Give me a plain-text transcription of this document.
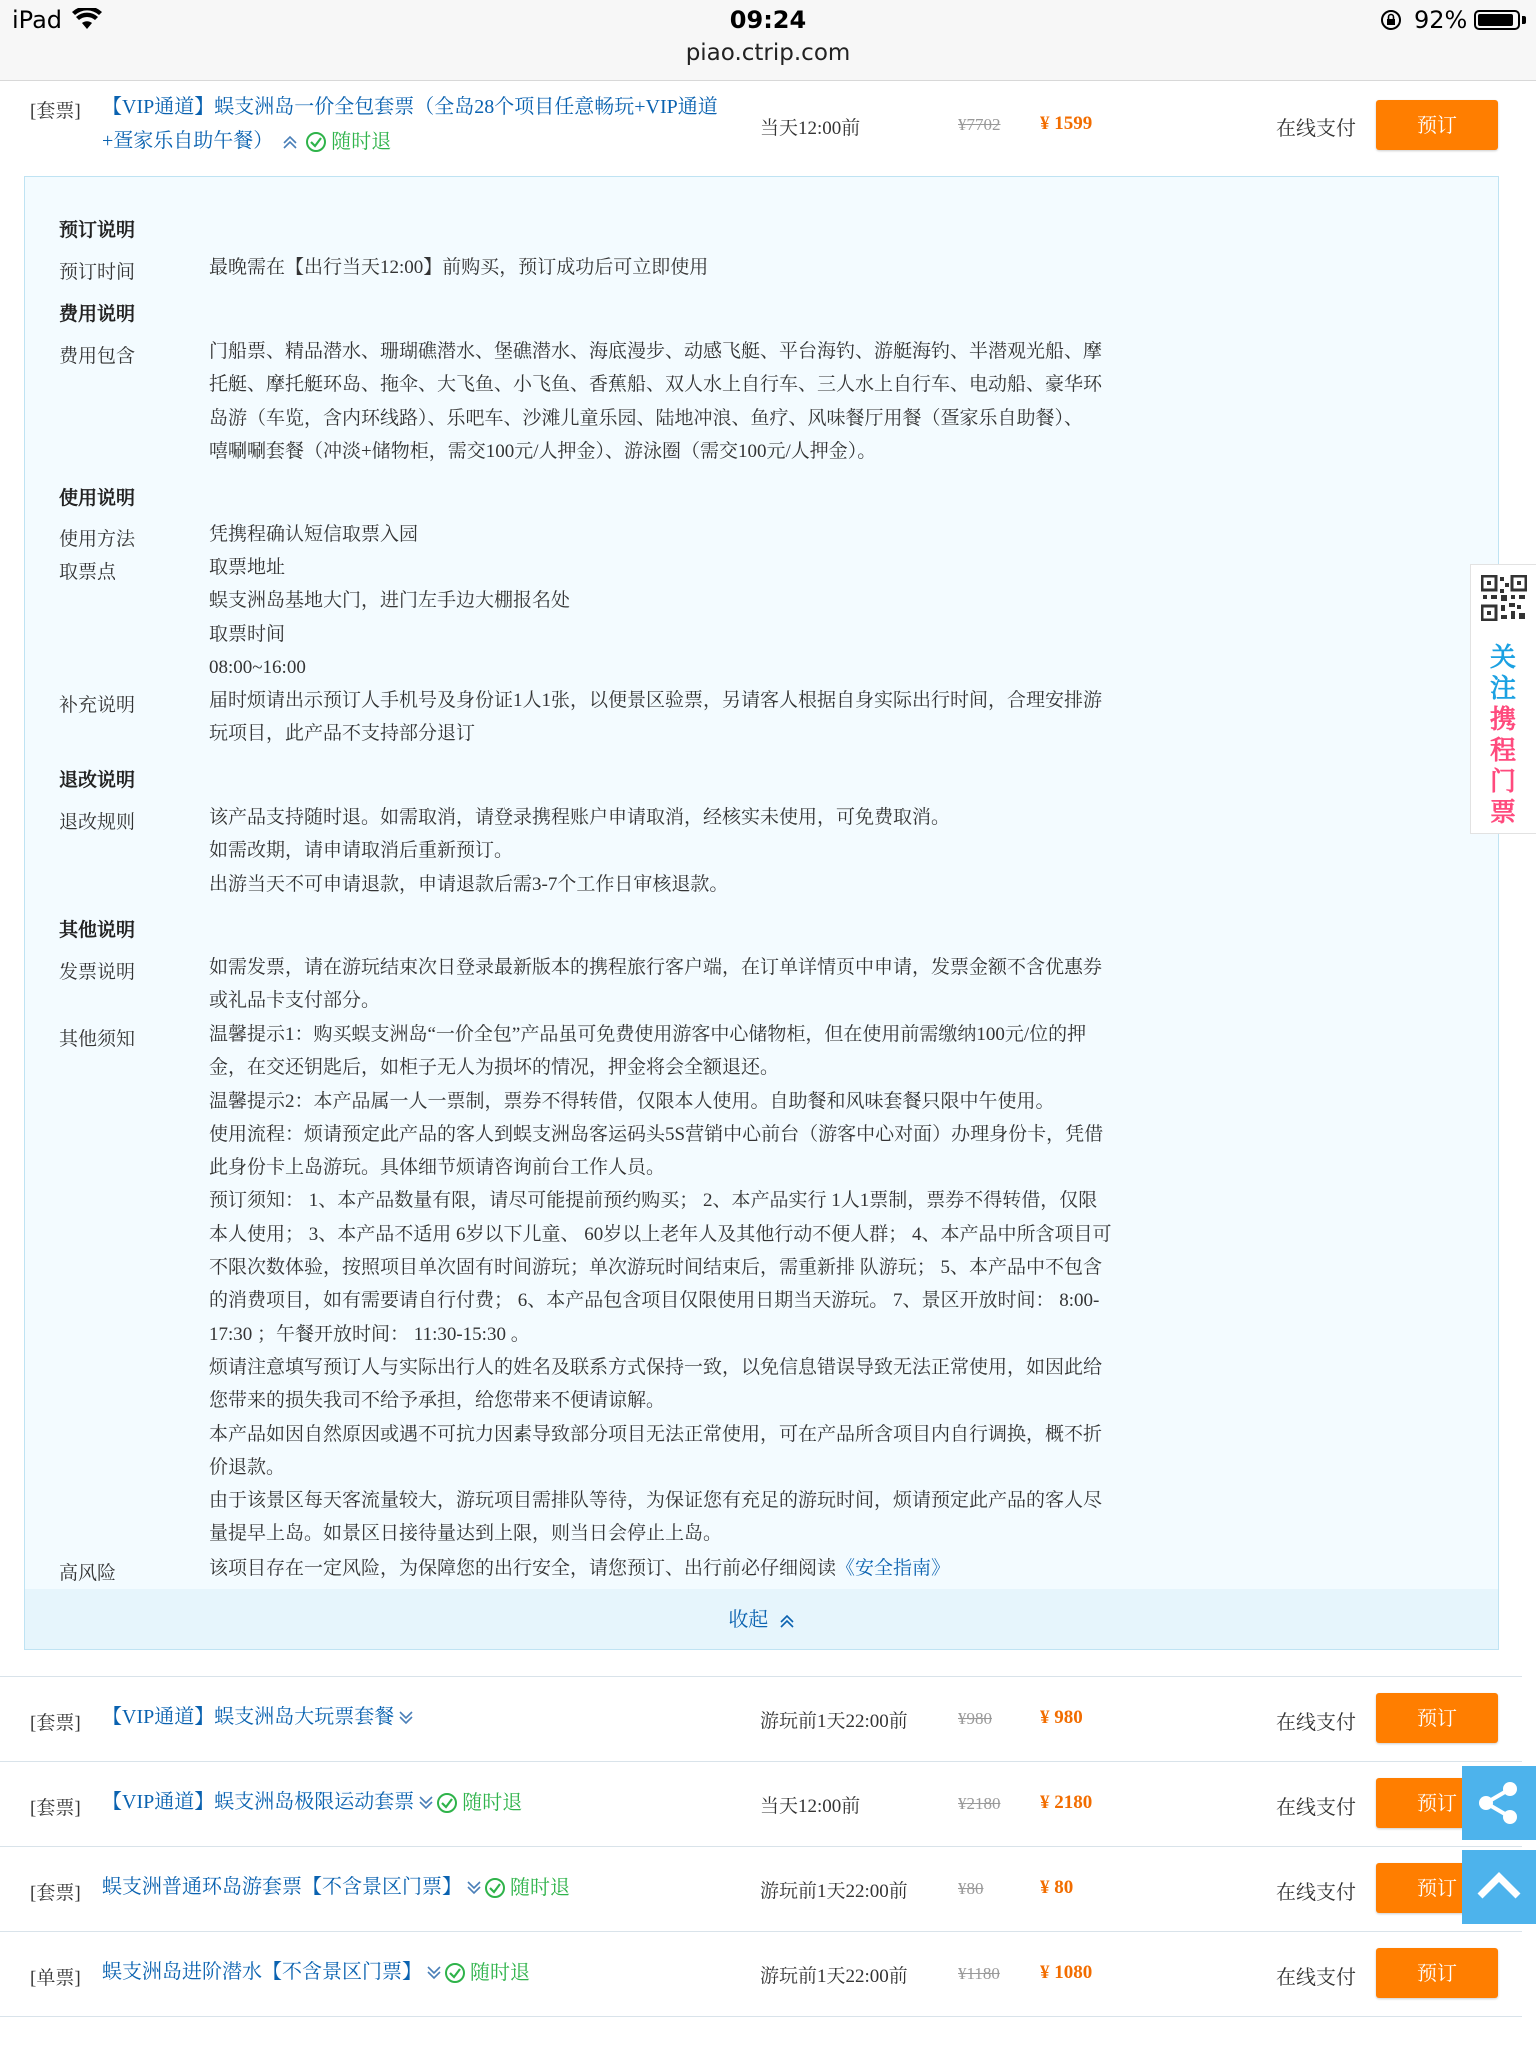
iPad	09:24
piao.ctrip.com
92%
[套票] 【VIP通道】蜈支洲岛一价全包套票（全岛28个项目任意畅玩+VIP通道
+疍家乐自助午餐）	随时退
当天12:00前	¥7702 ¥ 1599	在线支付	预订
预订说明
预订时间	最晚需在【出行当天12:00】前购买，预订成功后可立即使用
费用说明
费用包含	门船票、精品潜水、珊瑚礁潜水、堡礁潜水、海底漫步、动感飞艇、平台海钓、游艇海钓、半潜观光船、摩
托艇、摩托艇环岛、拖伞、大飞鱼、小飞鱼、香蕉船、双人水上自行车、三人水上自行车、电动船、豪华环
岛游（车览，含内环线路）、乐吧车、沙滩儿童乐园、陆地冲浪、鱼疗、风味餐厅用餐（疍家乐自助餐）、
嘻唰唰套餐（冲淡+储物柜，需交100元/人押金）、游泳圈（需交100元/人押金）。
使用说明
使用方法	凭携程确认短信取票入园
取票点	取票地址
蜈支洲岛基地大门，进门左手边大棚报名处
取票时间
08:00~16:00
补充说明	届时烦请出示预订人手机号及身份证1人1张，以便景区验票，另请客人根据自身实际出行时间，合理安排游
玩项目，此产品不支持部分退订
退改说明
退改规则	该产品支持随时退。如需取消，请登录携程账户申请取消，经核实未使用，可免费取消。
如需改期，请申请取消后重新预订。
出游当天不可申请退款，申请退款后需3-7个工作日审核退款。
其他说明
发票说明	如需发票，请在游玩结束次日登录最新版本的携程旅行客户端，在订单详情页中申请，发票金额不含优惠券
或礼品卡支付部分。
其他须知	温馨提示1：购买蜈支洲岛“一价全包”产品虽可免费使用游客中心储物柜，但在使用前需缴纳100元/位的押
金，在交还钥匙后，如柜子无人为损坏的情况，押金将会全额退还。
温馨提示2：本产品属一人一票制，票券不得转借，仅限本人使用。自助餐和风味套餐只限中午使用。
使用流程：烦请预定此产品的客人到蜈支洲岛客运码头5S营销中心前台（游客中心对面）办理身份卡，凭借
此身份卡上岛游玩。具体细节烦请咨询前台工作人员。
预订须知： 1、本产品数量有限，请尽可能提前预约购买； 2、本产品实行 1人1票制，票券不得转借，仅限
本人使用； 3、本产品不适用 6岁以下儿童、 60岁以上老年人及其他行动不便人群； 4、本产品中所含项目可
不限次数体验，按照项目单次固有时间游玩；单次游玩时间结束后，需重新排 队游玩； 5、本产品中不包含
的消费项目，如有需要请自行付费； 6、本产品包含项目仅限使用日期当天游玩。 7、景区开放时间： 8:00-
17:30 ；午餐开放时间： 11:30-15:30 。
烦请注意填写预订人与实际出行人的姓名及联系方式保持一致，以免信息错误导致无法正常使用，如因此给
您带来的损失我司不给予承担，给您带来不便请谅解。
本产品如因自然原因或遇不可抗力因素导致部分项目无法正常使用，可在产品所含项目内自行调换，概不折
价退款。
由于该景区每天客流量较大，游玩项目需排队等待，为保证您有充足的游玩时间，烦请预定此产品的客人尽
量提早上岛。如景区日接待量达到上限，则当日会停止上岛。
高风险	该项目存在一定风险，为保障您的出行安全，请您预订、出行前必仔细阅读《安全指南》
收起
[套票] 【VIP通道】蜈支洲岛大玩票套餐	游玩前1天22:00前	¥980	¥ 980	在线支付	预订
[套票] 【VIP通道】蜈支洲岛极限运动套票 随时退	当天12:00前	¥2180 ¥ 2180	在线支付	预订
[套票] 蜈支洲普通环岛游套票【不含景区门票】 随时退	游玩前1天22:00前	¥80	¥ 80	在线支付	预订
[单票] 蜈支洲岛进阶潜水【不含景区门票】 随时退	游玩前1天22:00前	¥1180 ¥ 1080	在线支付	预订
关
注
携
程
门
票
